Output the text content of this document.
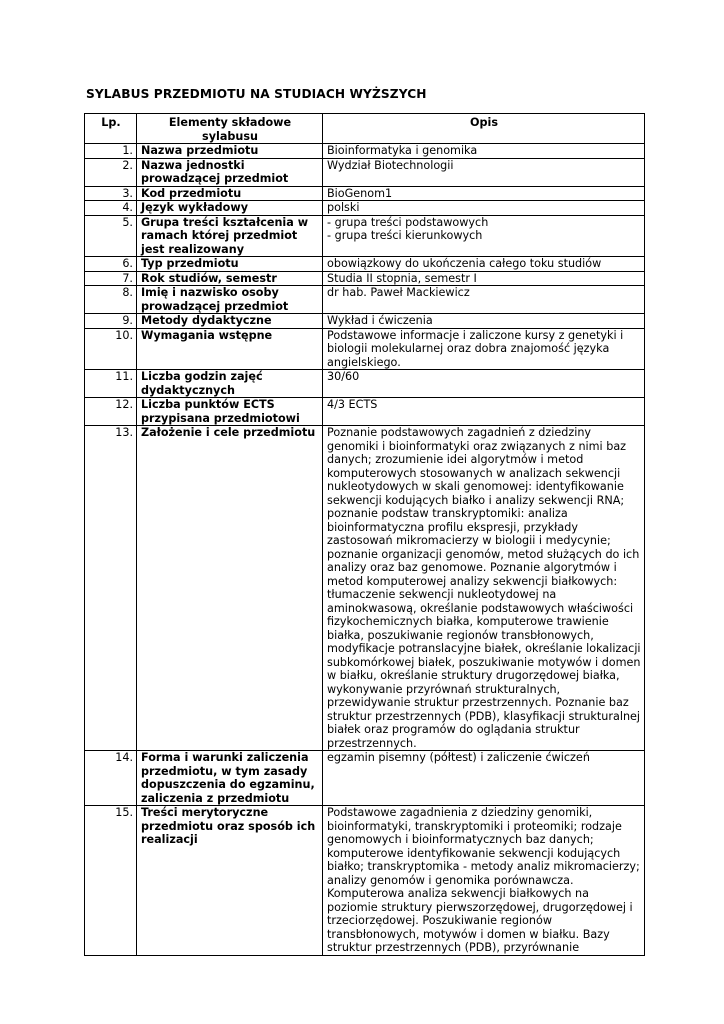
SYLABUS PRZEDMIOTU NA STUDIACH WYŻSZYCH
Lp.	Elementy składowe sylabusu	Opis
1.	Nazwa przedmiotu	Bioinformatyka i genomika

2.	Nazwa jednostki prowadzącej przedmiot	Wydział Biotechnologii

3.	Kod przedmiotu	BioGenom1

4.	Język wykładowy	polski

5.	Grupa treści kształcenia w ramach której przedmiot jest realizowany	- grupa treści podstawowych
- grupa treści kierunkowych

6.	Typ przedmiotu	obowiązkowy do ukończenia całego toku studiów

7.	Rok studiów, semestr	Studia II stopnia, semestr I

8.	Imię i nazwisko osoby prowadzącej przedmiot	dr hab. Paweł Mackiewicz

9.	Metody dydaktyczne	Wykład i ćwiczenia

10.	Wymagania wstępne	Podstawowe informacje i zaliczone kursy z genetyki i biologii molekularnej oraz dobra znajomość języka angielskiego.

11.	Liczba godzin zajęć dydaktycznych	30/60

12.	Liczba punktów ECTS przypisana przedmiotowi	4/3 ECTS

13.	Założenie i cele przedmiotu	Poznanie podstawowych zagadnień z dziedziny genomiki i bioinformatyki oraz związanych z nimi baz danych; zrozumienie idei algorytmów i metod komputerowych stosowanych w analizach sekwencji nukleotydowych w skali genomowej: identyfikowanie sekwencji kodujących białko i analizy sekwencji RNA; poznanie podstaw transkryptomiki: analiza bioinformatyczna profilu ekspresji, przykłady zastosowań mikromacierzy w biologii i medycynie; poznanie organizacji genomów, metod służących do ich analizy oraz baz genomowe. Poznanie algorytmów i metod komputerowej analizy sekwencji białkowych: tłumaczenie sekwencji nukleotydowej na aminokwasową, określanie podstawowych właściwości fizykochemicznych białka, komputerowe trawienie białka, poszukiwanie regionów transbłonowych, modyfikacje potranslacyjne białek, określanie lokalizacji subkomórkowej białek, poszukiwanie motywów i domen w białku, określanie struktury drugorzędowej białka, wykonywanie przyrównań strukturalnych, przewidywanie struktur przestrzennych. Poznanie baz struktur przestrzennych (PDB), klasyfikacji strukturalnej białek oraz programów do oglądania struktur przestrzennych.

14.	Forma i warunki zaliczenia przedmiotu, w tym zasady dopuszczenia do egzaminu, zaliczenia z przedmiotu	egzamin pisemny (półtest) i zaliczenie ćwiczeń

15.	Treści merytoryczne przedmiotu oraz sposób ich realizacji	Podstawowe zagadnienia z dziedziny genomiki, bioinformatyki, transkryptomiki i proteomiki; rodzaje genomowych i bioinformatycznych baz danych; komputerowe identyfikowanie sekwencji kodujących białko; transkryptomika - metody analiz mikromacierzy; analizy genomów i genomika porównawcza. Komputerowa analiza sekwencji białkowych na poziomie struktury pierwszorzędowej, drugorzędowej i trzeciorzędowej. Poszukiwanie regionów transbłonowych, motywów i domen w białku. Bazy struktur przestrzennych (PDB), przyrównanie
